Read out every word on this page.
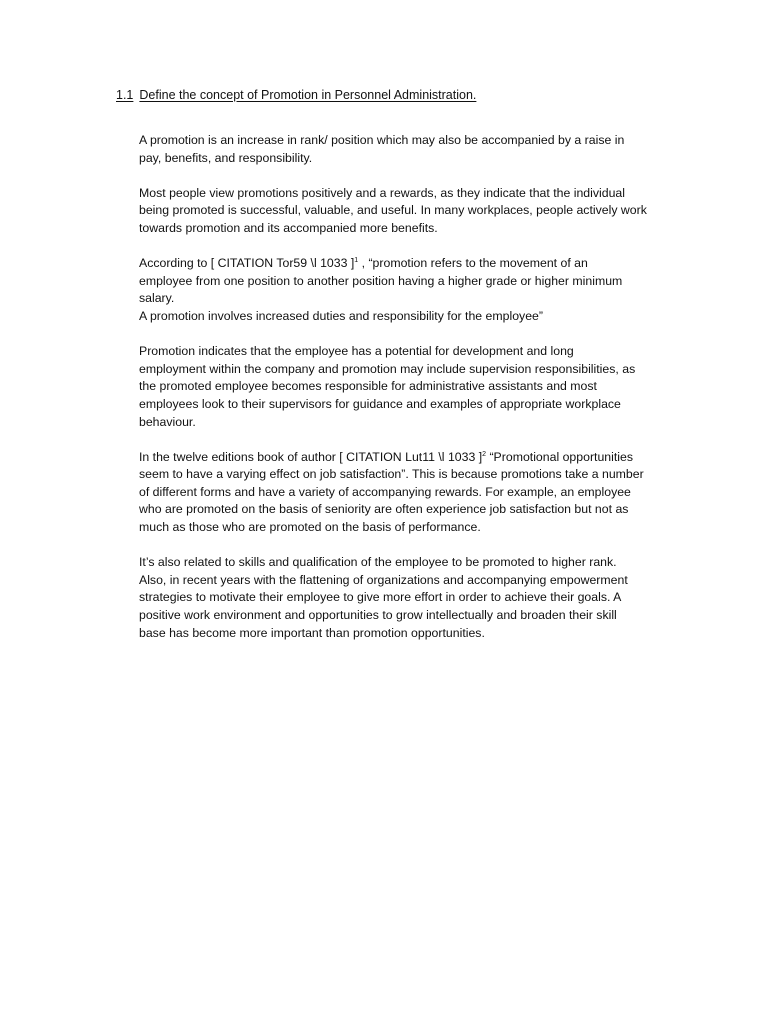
1.1 Define the concept of Promotion in Personnel Administration.
A promotion is an increase in rank/ position which may also be accompanied by a raise in
pay, benefits, and responsibility.
Most people view promotions positively and a rewards, as they indicate that the individual
being promoted is successful, valuable, and useful. In many workplaces, people actively work
towards promotion and its accompanied more benefits.
According to [ CITATION Tor59 \l 1033 ]$^1$ , “promotion refers to the movement of an
employee from one position to another position having a higher grade or higher minimum
salary.
A promotion involves increased duties and responsibility for the employee”
Promotion indicates that the employee has a potential for development and long
employment within the company and promotion may include supervision responsibilities, as
the promoted employee becomes responsible for administrative assistants and most
employees look to their supervisors for guidance and examples of appropriate workplace
behaviour.
In the twelve editions book of author [ CITATION Lut11 \l 1033 ]$^2$ “Promotional opportunities
seem to have a varying effect on job satisfaction”. This is because promotions take a number
of different forms and have a variety of accompanying rewards. For example, an employee
who are promoted on the basis of seniority are often experience job satisfaction but not as
much as those who are promoted on the basis of performance.
It’s also related to skills and qualification of the employee to be promoted to higher rank.
Also, in recent years with the flattening of organizations and accompanying empowerment
strategies to motivate their employee to give more effort in order to achieve their goals. A
positive work environment and opportunities to grow intellectually and broaden their skill
base has become more important than promotion opportunities.
